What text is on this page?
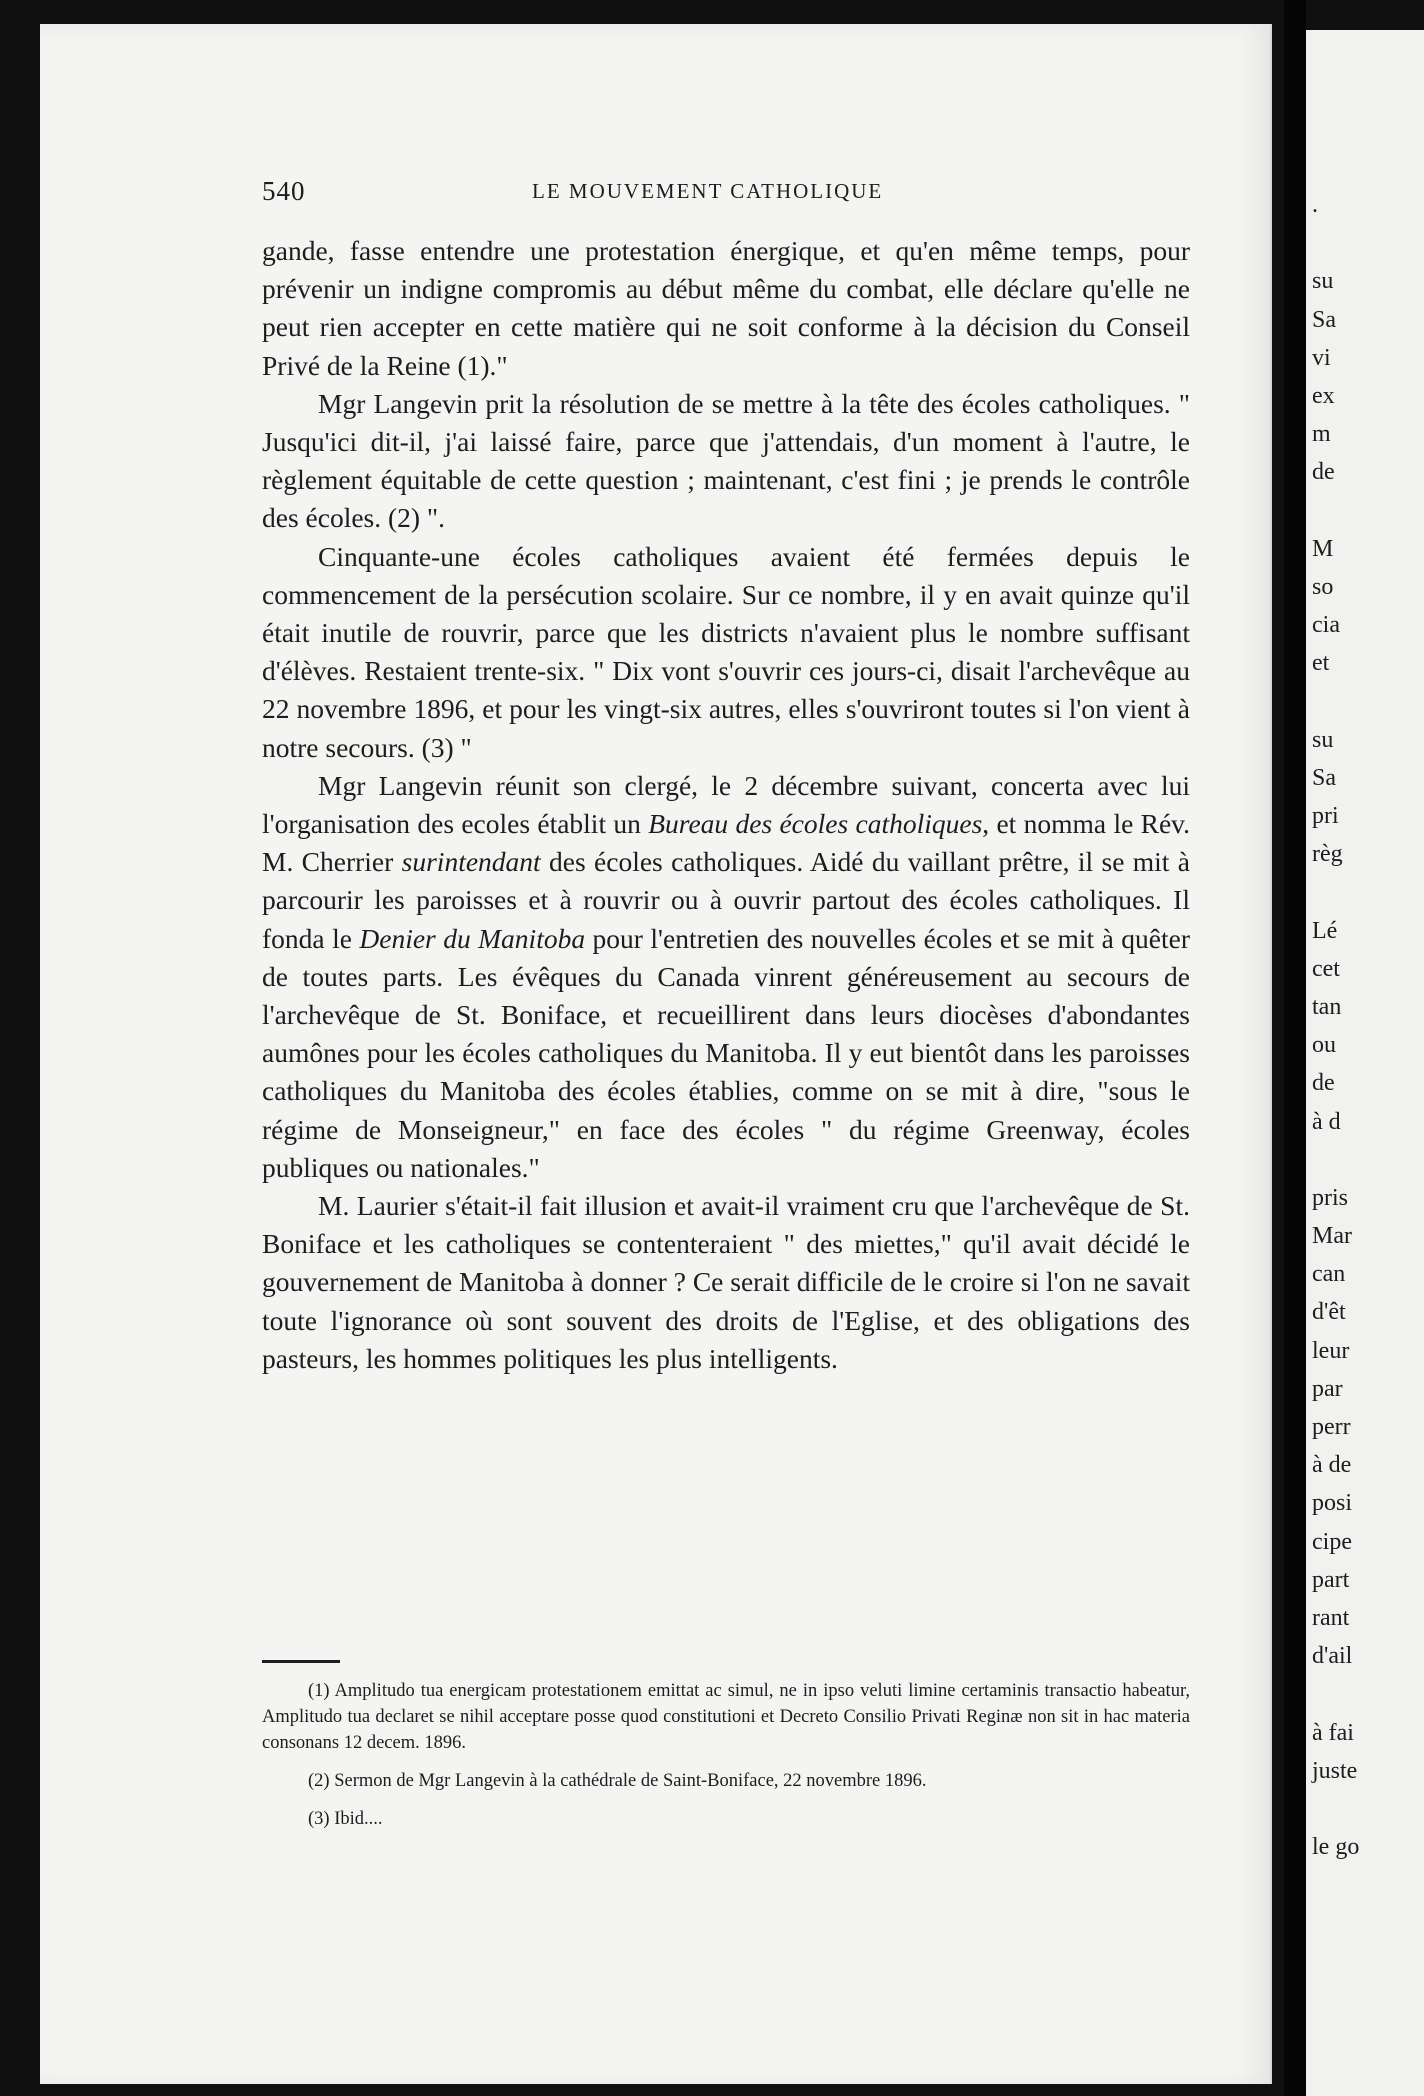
.
su
Sa
vi
ex
m
de
M
so
cia
et
su
Sa
pri
règ
Lé
cet
tan
ou
de
à d
pris
Mar
can
d'êt
leur
par
perr
à de
posi
cipe
part
rant
d'ail
à fai
juste
le go
540	LE MOUVEMENT CATHOLIQUE

gande, fasse entendre une protestation énergique, et qu'en même temps, pour prévenir un indigne compromis au début même du combat, elle déclare qu'elle ne peut rien accepter en cette matière qui ne soit conforme à la décision du Conseil Privé de la Reine (1)."

Mgr Langevin prit la résolution de se mettre à la tête des écoles catholiques. " Jusqu'ici dit-il, j'ai laissé faire, parce que j'attendais, d'un moment à l'autre, le règlement équitable de cette question ; maintenant, c'est fini ; je prends le contrôle des écoles. (2) ".

Cinquante-une écoles catholiques avaient été fermées depuis le commencement de la persécution scolaire. Sur ce nombre, il y en avait quinze qu'il était inutile de rouvrir, parce que les districts n'avaient plus le nombre suffisant d'élèves. Restaient trente-six. " Dix vont s'ouvrir ces jours-ci, disait l'archevêque au 22 novembre 1896, et pour les vingt-six autres, elles s'ouvriront toutes si l'on vient à notre secours. (3) "

Mgr Langevin réunit son clergé, le 2 décembre suivant, concerta avec lui l'organisation des ecoles établit un Bureau des écoles catholiques, et nomma le Rév. M. Cherrier surintendant des écoles catholiques. Aidé du vaillant prêtre, il se mit à parcourir les paroisses et à rouvrir ou à ouvrir partout des écoles catholiques. Il fonda le Denier du Manitoba pour l'entretien des nouvelles écoles et se mit à quêter de toutes parts. Les évêques du Canada vinrent généreusement au secours de l'archevêque de St. Boniface, et recueillirent dans leurs diocèses d'abondantes aumônes pour les écoles catholiques du Manitoba. Il y eut bientôt dans les paroisses catholiques du Manitoba des écoles établies, comme on se mit à dire, "sous le régime de Monseigneur," en face des écoles " du régime Greenway, écoles publiques ou nationales."

M. Laurier s'était-il fait illusion et avait-il vraiment cru que l'archevêque de St. Boniface et les catholiques se contenteraient " des miettes," qu'il avait décidé le gouvernement de Manitoba à donner ? Ce serait difficile de le croire si l'on ne savait toute l'ignorance où sont souvent des droits de l'Eglise, et des obligations des pasteurs, les hommes politiques les plus intelligents.

(1) Amplitudo tua energicam protestationem emittat ac simul, ne in ipso veluti limine certaminis transactio habeatur, Amplitudo tua declaret se nihil acceptare posse quod constitutioni et Decreto Consilio Privati Reginæ non sit in hac materia consonans 12 decem. 1896.

(2) Sermon de Mgr Langevin à la cathédrale de Saint-Boniface, 22 novembre 1896.

(3) Ibid....
